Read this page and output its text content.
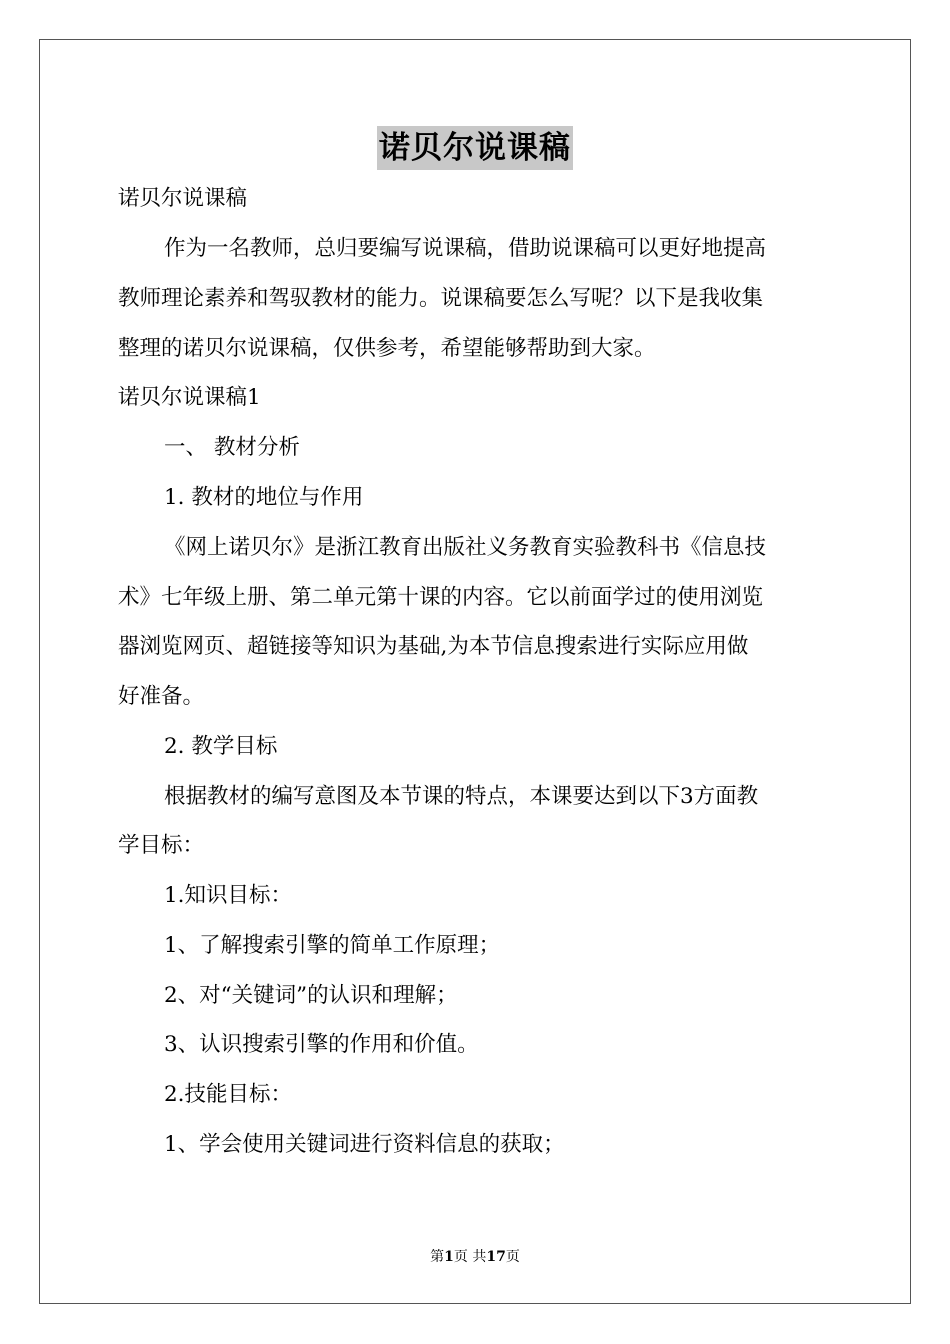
诺贝尔说课稿
诺贝尔说课稿
作为一名教师，总归要编写说课稿，借助说课稿可以更好地提高
教师理论素养和驾驭教材的能力。说课稿要怎么写呢？以下是我收集
整理的诺贝尔说课稿，仅供参考，希望能够帮助到大家。
诺贝尔说课稿1
一、 教材分析
1. 教材的地位与作用
《网上诺贝尔》是浙江教育出版社义务教育实验教科书《信息技
术》七年级上册、第二单元第十课的内容。它以前面学过的使用浏览
器浏览网页、超链接等知识为基础,为本节信息搜索进行实际应用做
好准备。
2. 教学目标
根据教材的编写意图及本节课的特点，本课要达到以下3方面教
学目标：
1.知识目标：
1、了解搜索引擎的简单工作原理；
2、对“关键词”的认识和理解；
3、认识搜索引擎的作用和价值。
2.技能目标：
1、学会使用关键词进行资料信息的获取；
第1页 共17页
